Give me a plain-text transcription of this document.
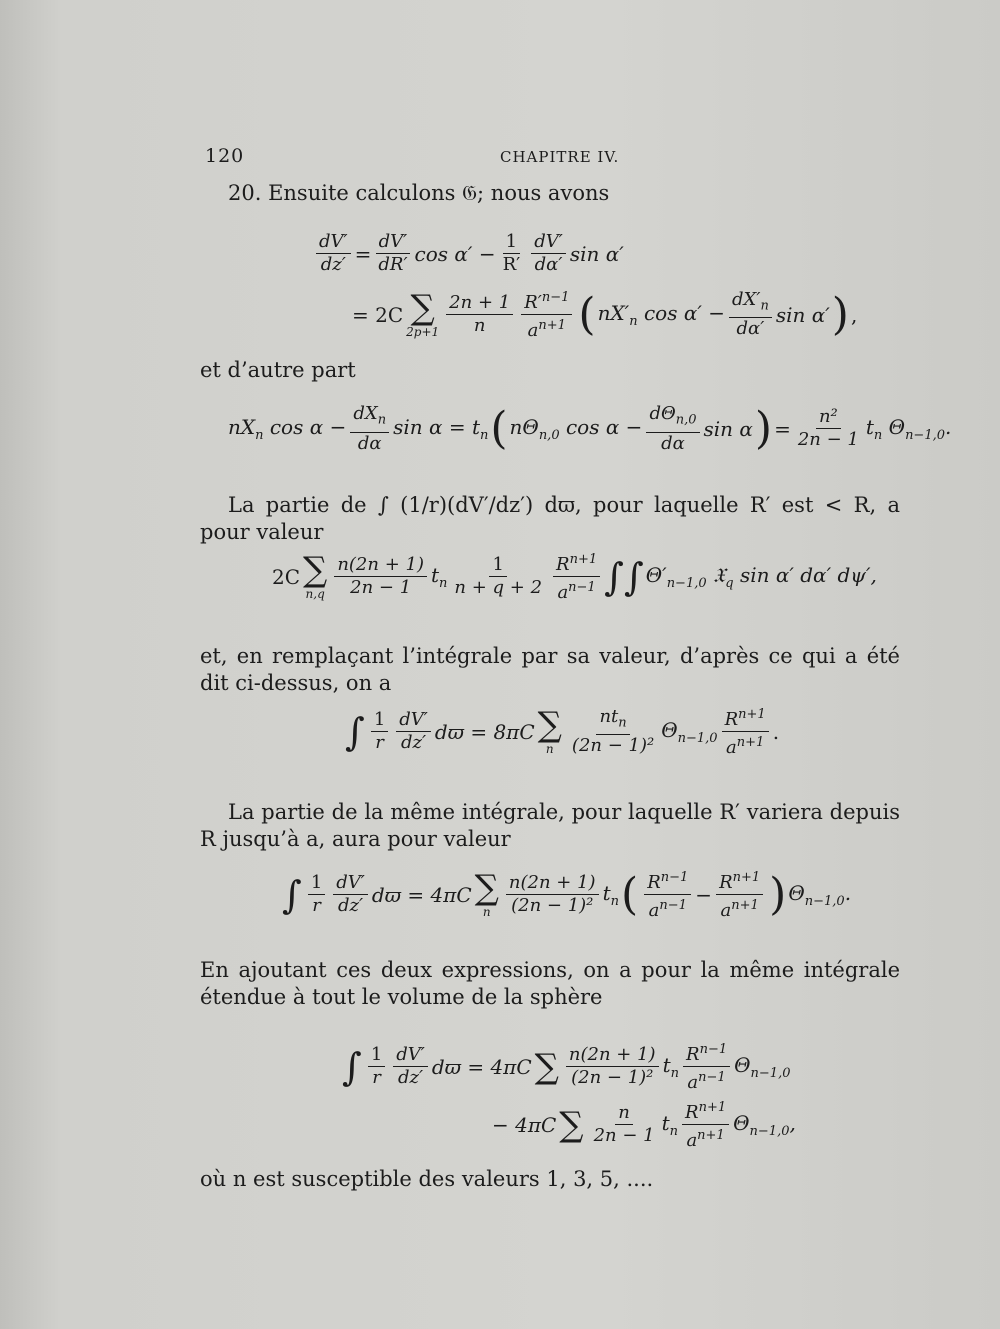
120	CHAPITRE IV.
20. Ensuite calculons 𝔊; nous avons
$\frac{dV'}{dz'} = \frac{dV'}{dR'}$ $\cos \alpha' - \frac{1}{R'} \frac{dV'}{d\alpha'}$ sin α′
= 2C ∑
$2p+1 \frac{2n + 1}{n} \frac{R'^{n-1}}{a^{n+1}}$ ( $nX'_n$ $\cos \alpha' - \frac{dX'_n}{d\alpha'}$ sin α′ ) ,
et d’autre part
$nX_n$ $\cos \alpha - \frac{dX_n}{d\alpha}$ $\sin \alpha = t_n$ ( $n\Theta_{n,0}$ $\cos \alpha - \frac{d\Theta_{n,0}}{d\alpha}$ sin α ) = $\frac{\text{n²}}{2n - 1} t_n$ $\Theta_{n-1,0}$.
La partie de ∫ (1/r)(dV′/dz′) dϖ, pour laquelle R′ est < R, a pour valeur
2C ∑
$n,q \frac{n(2n + 1)}{2n - 1} t_n \frac{1}{n + q + 2} \frac{R^{n+1}}{a^{n-1}}$ ∫∫ $\Theta'_{n-1,0}$ 𝔛$_q$ sin α′ dα′ dψ′,
et, en remplaçant l’intégrale par sa valeur, d’après ce qui a été dit ci-dessus, on a
∫ $\frac{1}{r} \frac{dV'}{dz'}$ dϖ = 8πC ∑
n $\frac{nt_n}{\text{(2n − 1)²}} \Theta_{n-1,0} \frac{R^{n+1}}{a^{n+1}}$ .
La partie de la même intégrale, pour laquelle R′ variera depuis R jusqu’à a, aura pour valeur
∫ $\frac{1}{r} \frac{dV'}{dz'}$ dϖ = 4πC ∑
n $\frac{n(2n + 1)}{\text{(2n − 1)²}} t_n$ ( $\frac{R^{n-1}}{a^{n-1}} - \frac{R^{n+1}}{a^{n+1}}$ ) $\Theta_{n-1,0}$.
En ajoutant ces deux expressions, on a pour la même intégrale étendue à tout le volume de la sphère
∫ $\frac{1}{r} \frac{dV'}{dz'}$ dϖ = 4πC ∑ $\frac{n(2n + 1)}{\text{(2n − 1)²}} t_n \frac{R^{n-1}}{a^{n-1}} \Theta_{n-1,0}$
− 4πC ∑ $\frac{n}{2n - 1} t_n \frac{R^{n+1}}{a^{n+1}} \Theta_{n-1,0}$,
où n est susceptible des valeurs 1, 3, 5, ....
